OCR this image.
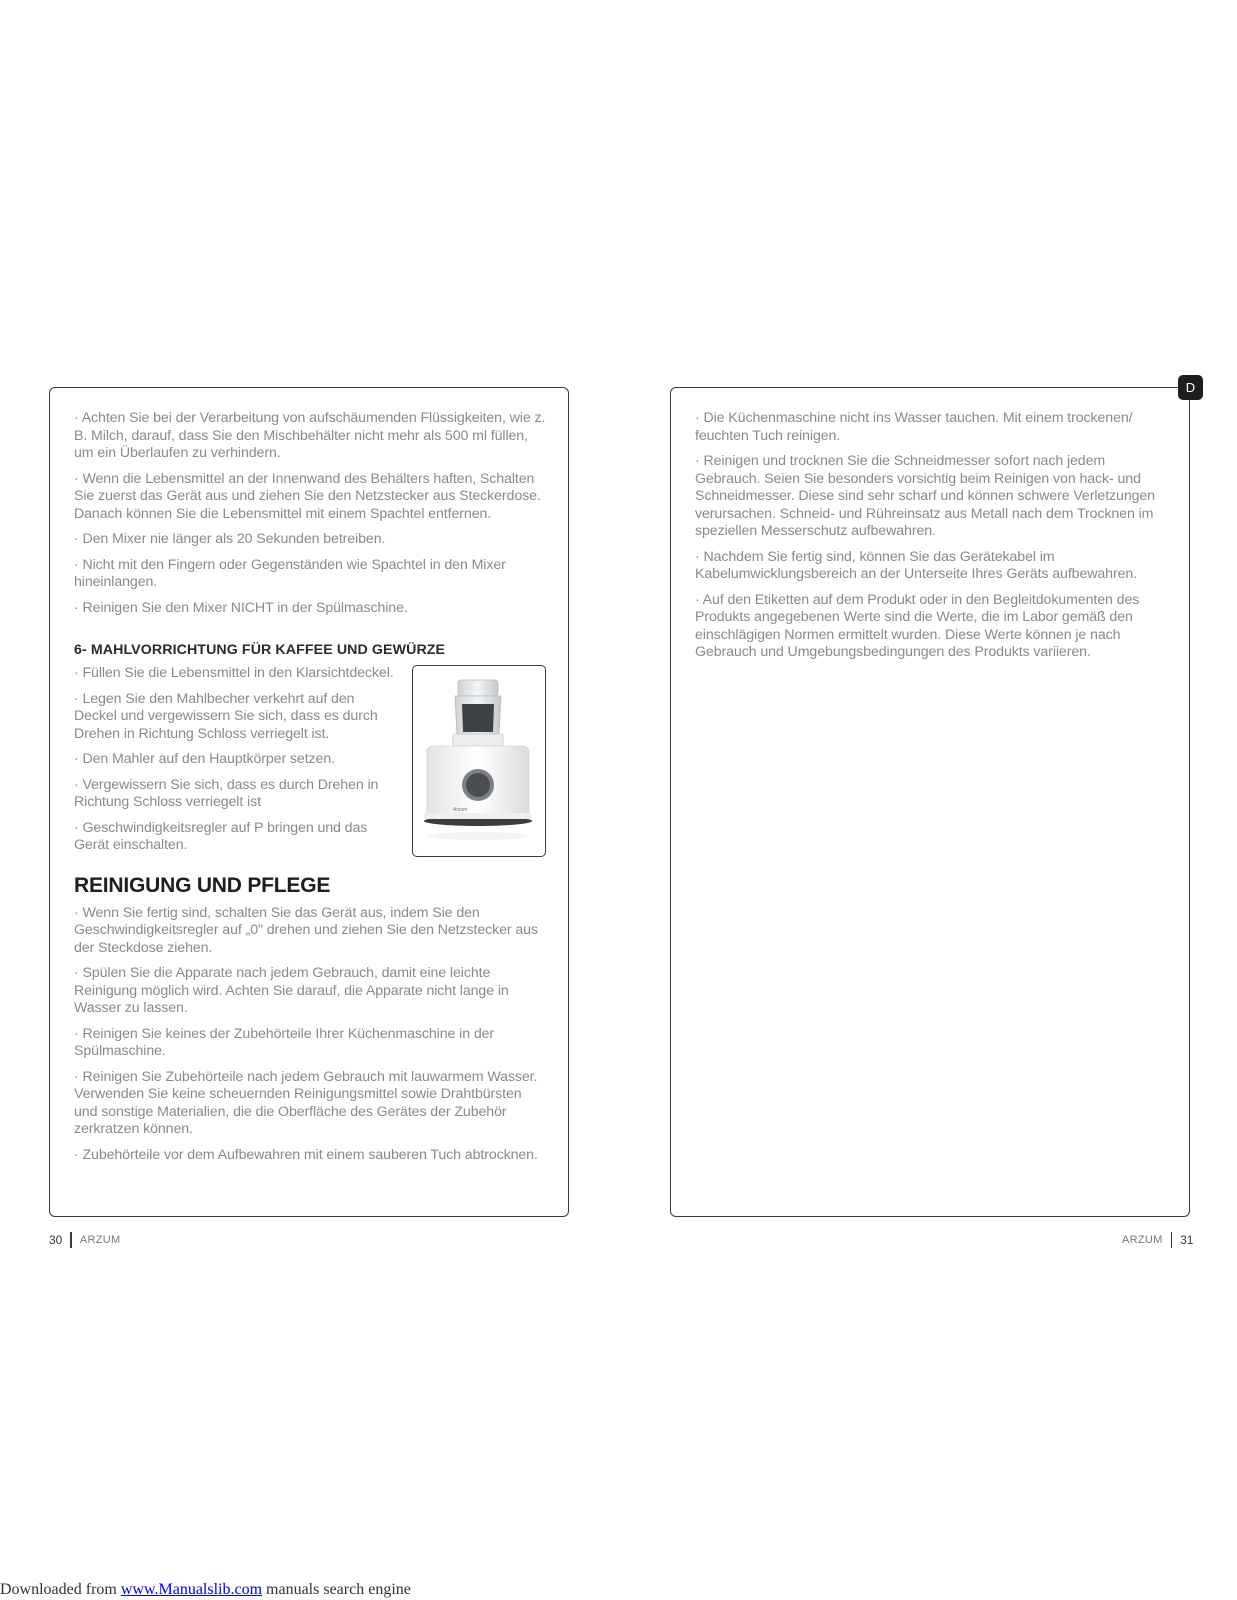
· Achten Sie bei der Verarbeitung von aufschäumenden Flüssigkeiten, wie z. B. Milch, darauf, dass Sie den Mischbehälter nicht mehr als 500 ml füllen, um ein Überlaufen zu verhindern.

· Wenn die Lebensmittel an der Innenwand des Behälters haften, Schalten Sie zuerst das Gerät aus und ziehen Sie den Netzstecker aus Steckerdose. Danach können Sie die Lebensmittel mit einem Spachtel entfernen.

· Den Mixer nie länger als 20 Sekunden betreiben.

· Nicht mit den Fingern oder Gegenständen wie Spachtel in den Mixer hineinlangen.

· Reinigen Sie den Mixer NICHT in der Spülmaschine.

6- MAHLVORRICHTUNG FÜR KAFFEE UND GEWÜRZE

· Füllen Sie die Lebensmittel in den Klarsichtdeckel.

· Legen Sie den Mahlbecher verkehrt auf den Deckel und vergewissern Sie sich, dass es durch Drehen in Richtung Schloss verriegelt ist.

· Den Mahler auf den Hauptkörper setzen.

· Vergewissern Sie sich, dass es durch Drehen in Richtung Schloss verriegelt ist

· Geschwindigkeitsregler auf P bringen und das Gerät einschalten.

Arzum
REINIGUNG UND PFLEGE

· Wenn Sie fertig sind, schalten Sie das Gerät aus, indem Sie den Geschwindigkeitsregler auf „0" drehen und ziehen Sie den Netzstecker aus der Steckdose ziehen.

· Spülen Sie die Apparate nach jedem Gebrauch, damit eine leichte Reinigung möglich wird. Achten Sie darauf, die Apparate nicht lange in Wasser zu lassen.

· Reinigen Sie keines der Zubehörteile Ihrer Küchenmaschine in der Spülmaschine.

· Reinigen Sie Zubehörteile nach jedem Gebrauch mit lauwarmem Wasser. Verwenden Sie keine scheuernden Reinigungsmittel sowie Drahtbürsten und sonstige Materialien, die die Oberfläche des Gerätes der Zubehör zerkratzen können.

· Zubehörteile vor dem Aufbewahren mit einem sauberen Tuch abtrocknen.

· Die Küchenmaschine nicht ins Wasser tauchen. Mit einem trockenen/ feuchten Tuch reinigen.

· Reinigen und trocknen Sie die Schneidmesser sofort nach jedem Gebrauch. Seien Sie besonders vorsichtig beim Reinigen von hack- und Schneidmesser. Diese sind sehr scharf und können schwere Verletzungen verursachen. Schneid- und Rühreinsatz aus Metall nach dem Trocknen im speziellen Messerschutz aufbewahren.

· Nachdem Sie fertig sind, können Sie das Gerätekabel im Kabelumwicklungsbereich an der Unterseite Ihres Geräts aufbewahren.

· Auf den Etiketten auf dem Produkt oder in den Begleitdokumenten des Produkts angegebenen Werte sind die Werte, die im Labor gemäß den einschlägigen Normen ermittelt wurden. Diese Werte können je nach Gebrauch und Umgebungsbedingungen des Produkts variieren.

D
30 ARZUM	ARZUM 31
Downloaded from www.Manualslib.com manuals search engine
